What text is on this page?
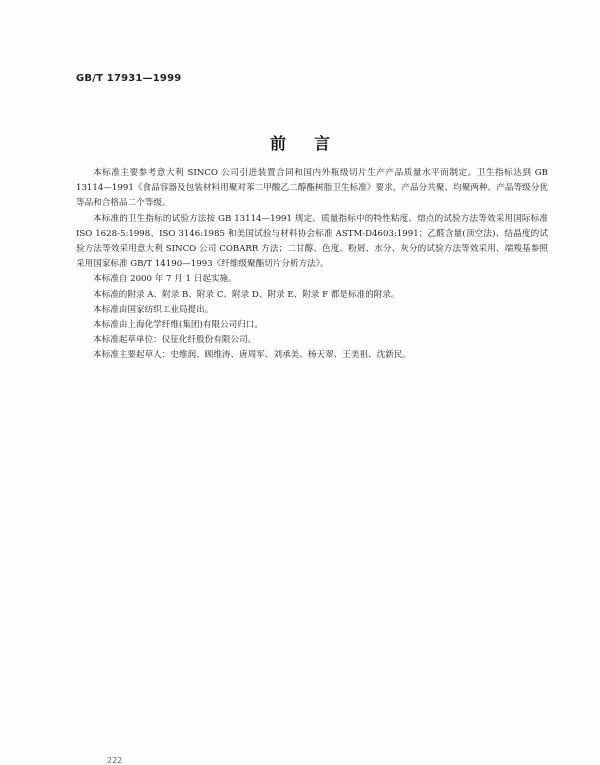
GB/T 17931—1999
前言

本标准主要参考意大利 SINCO 公司引进装置合同和国内外瓶级切片生产产品质量水平而制定。卫生指标达到 GB 13114—1991《食品容器及包装材料用聚对苯二甲酸乙二醇酯树脂卫生标准》要求，产品分共聚、均聚两种。产品等级分优等品和合格品二个等级。

本标准的卫生指标的试验方法按 GB 13114—1991 规定。质量指标中的特性粘度、熔点的试验方法等效采用国际标准 ISO 1628-5:1998、ISO 3146:1985 和美国试验与材料协会标准 ASTM-D4603:1991；乙醛含量(顶空法)、结晶度的试验方法等效采用意大利 SINCO 公司 COBARR 方法；二甘醇、色度、粉屑、水分、灰分的试验方法等效采用、端羧基参照采用国家标准 GB/T 14190—1993《纤维级聚酯切片分析方法》。

本标准自 2000 年 7 月 1 日起实施。

本标准的附录 A、附录 B、附录 C、附录 D、附录 E、附录 F 都是标准的附录。

本标准由国家纺织工业局提出。

本标准由上海化学纤维(集团)有限公司归口。

本标准起草单位：仪征化纤股份有限公司。

本标准主要起草人：史维润、顾维涛、唐周军、刘承美、杨天翠、王美祖、沈新民。

222
